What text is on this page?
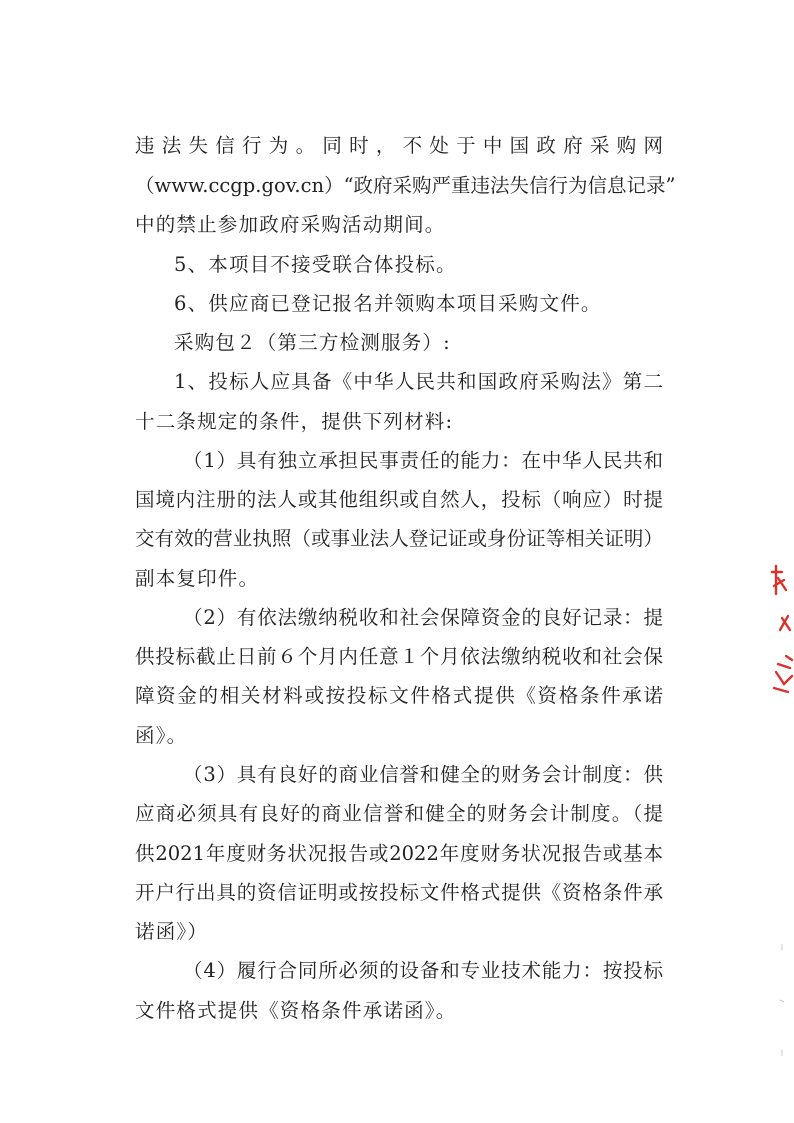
违法失信行为。同时，不处于中国政府采购网
（www.ccgp.gov.cn）“政府采购严重违法失信行为信息记录”
中的禁止参加政府采购活动期间。
5、本项目不接受联合体投标。
6、供应商已登记报名并领购本项目采购文件。
采购包２（第三方检测服务）:
1、投标人应具备《中华人民共和国政府采购法》第二
十二条规定的条件，提供下列材料:
（1）具有独立承担民事责任的能力：在中华人民共和
国境内注册的法人或其他组织或自然人，投标（响应）时提
交有效的营业执照（或事业法人登记证或身份证等相关证明）
副本复印件。
（2）有依法缴纳税收和社会保障资金的良好记录：提
供投标截止日前６个月内任意１个月依法缴纳税收和社会保
障资金的相关材料或按投标文件格式提供《资格条件承诺
函》。
（3）具有良好的商业信誉和健全的财务会计制度：供
应商必须具有良好的商业信誉和健全的财务会计制度。（提
供2021年度财务状况报告或2022年度财务状况报告或基本
开户行出具的资信证明或按投标文件格式提供《资格条件承
诺函》）
（4）履行合同所必须的设备和专业技术能力：按投标
文件格式提供《资格条件承诺函》。
